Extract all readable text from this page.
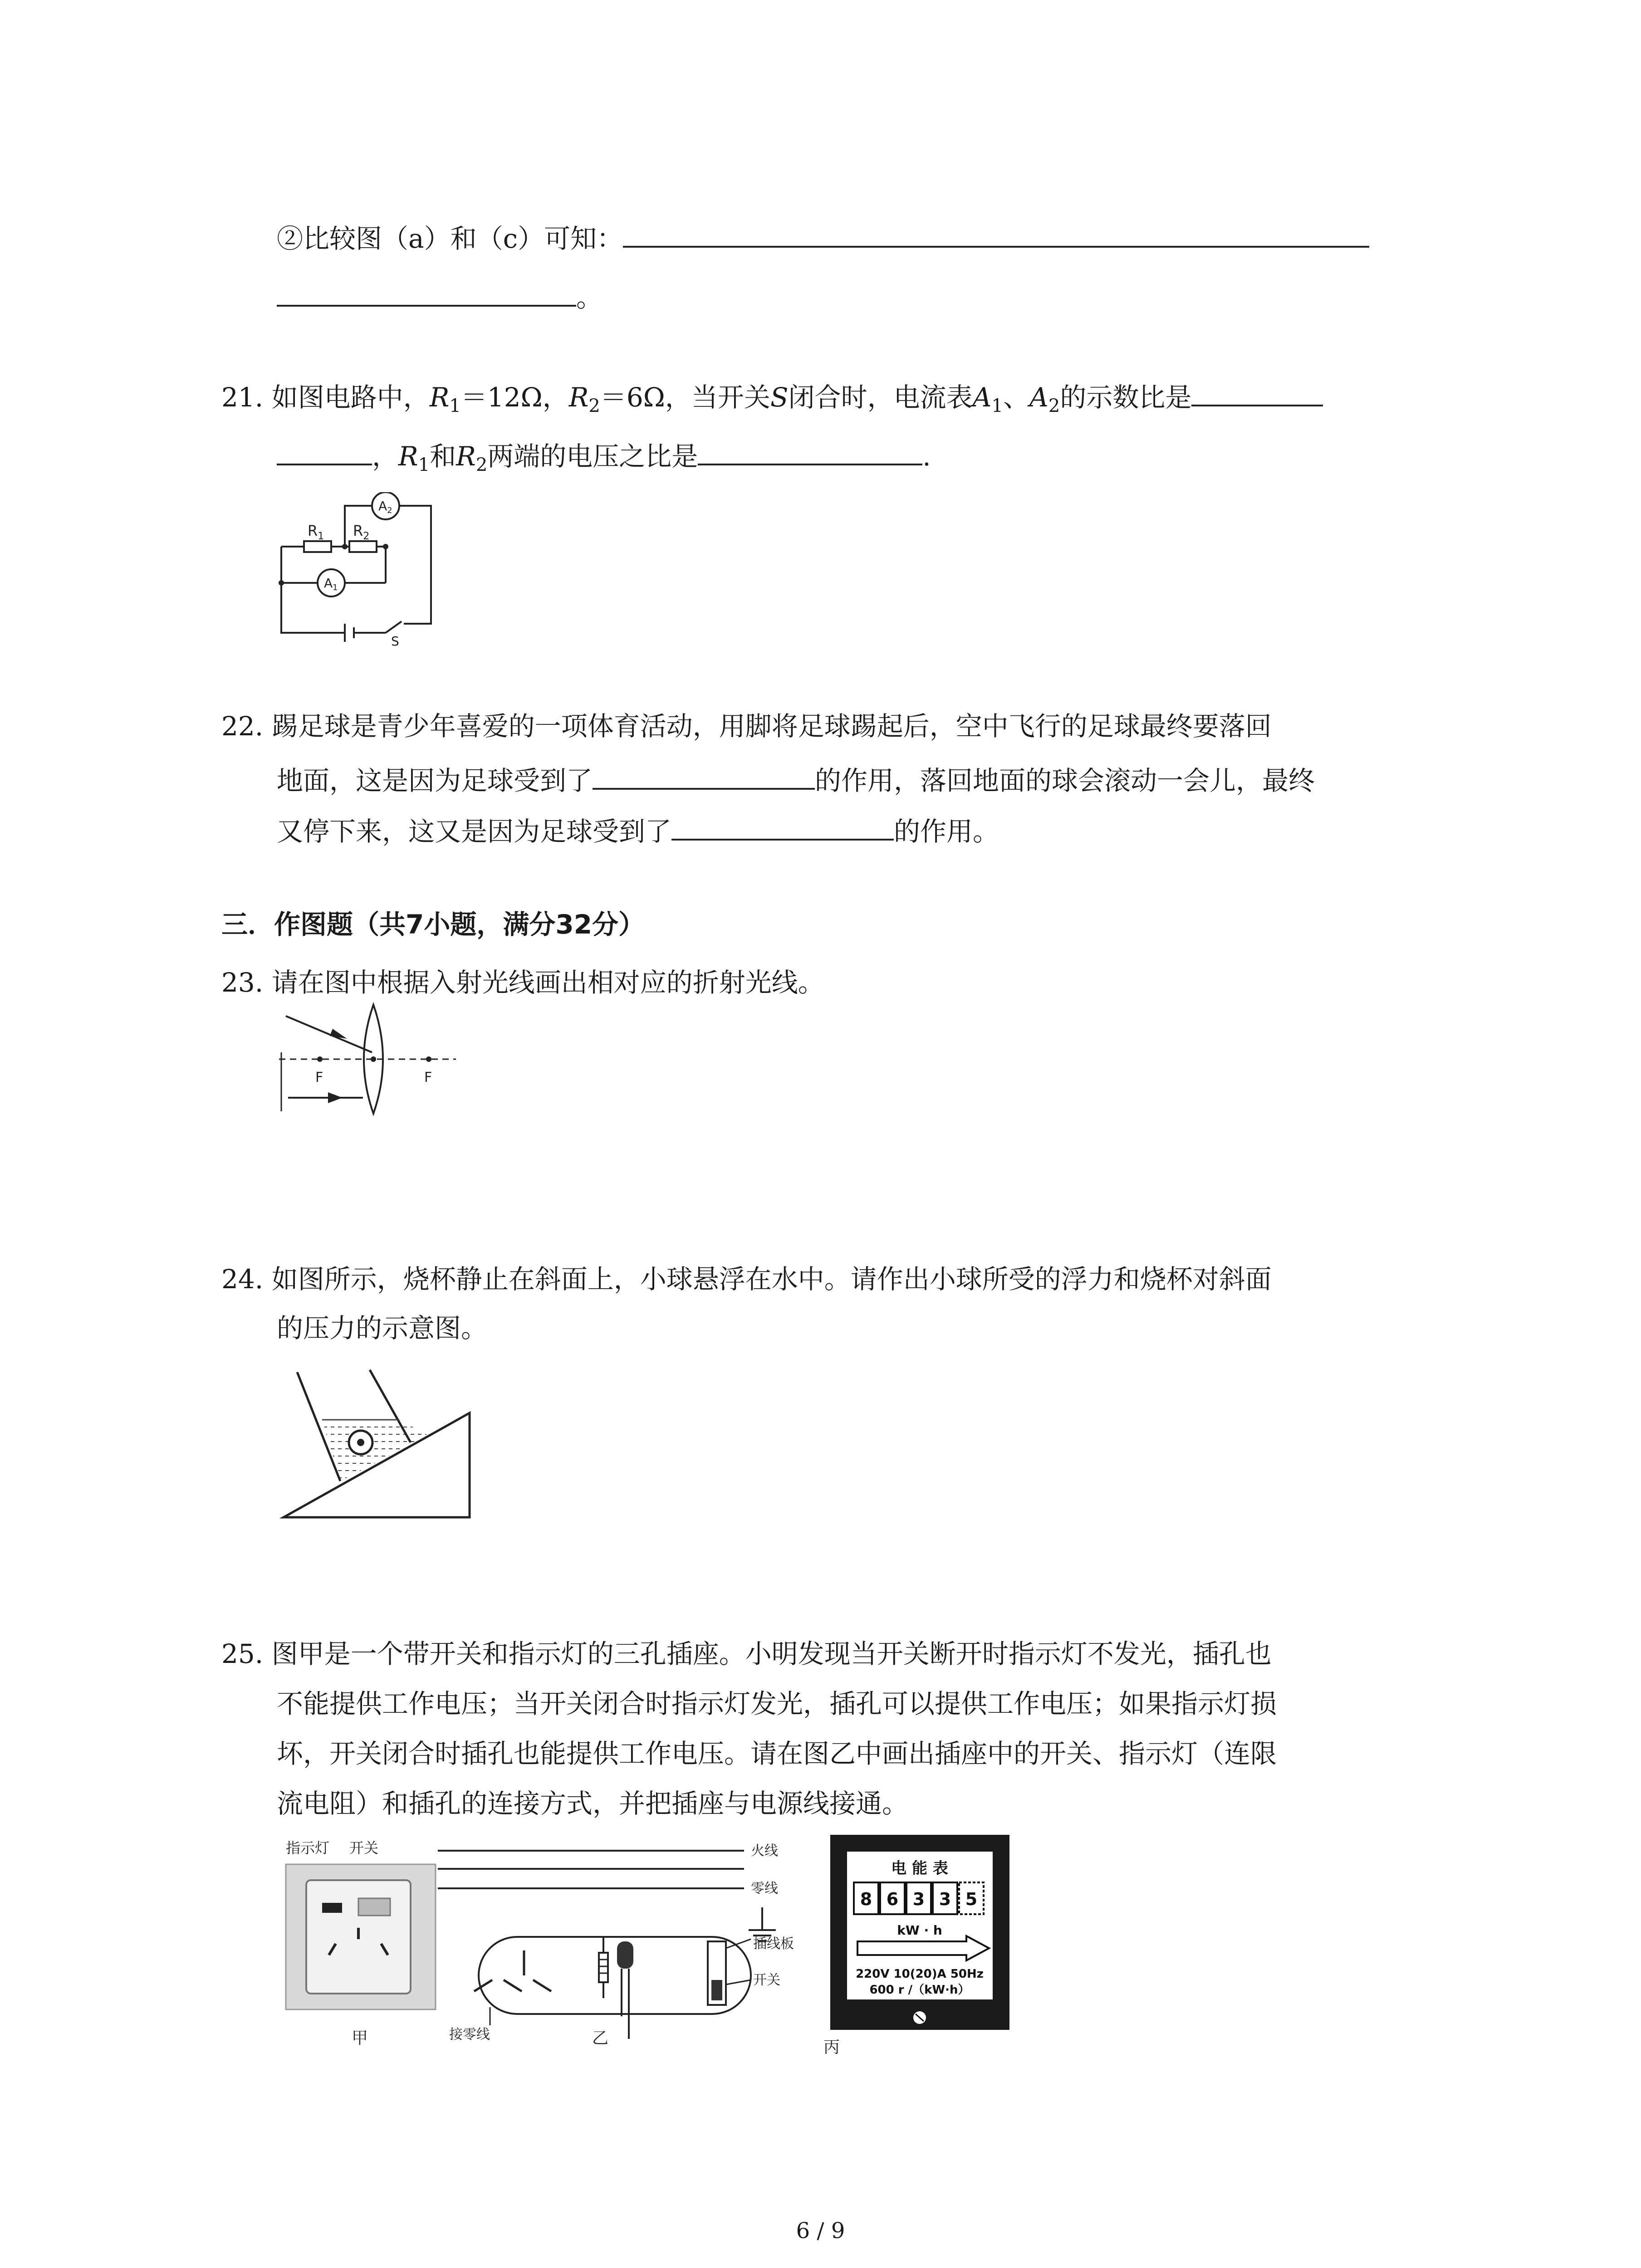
②比较图（a）和（c）可知：
。
21. 如图电路中，$R_1=12\Omega$，$R_2=6\Omega$，当开关S闭合时，电流表$A_1$、$A_2$的示数比是
，$R_1$和$R_2$两端的电压之比是	.
$R_1$ $R_2$
$A_1$
$A_2$
S
22. 踢足球是青少年喜爱的一项体育活动，用脚将足球踢起后，空中飞行的足球最终要落回
地面，这是因为足球受到了	的作用，落回地面的球会滚动一会儿，最终
又停下来，这又是因为足球受到了	的作用。
三．作图题（共7小题，满分32分）
23. 请在图中根据入射光线画出相对应的折射光线。
F	F
24. 如图所示，烧杯静止在斜面上，小球悬浮在水中。请作出小球所受的浮力和烧杯对斜面
的压力的示意图。
25. 图甲是一个带开关和指示灯的三孔插座。小明发现当开关断开时指示灯不发光，插孔也
不能提供工作电压；当开关闭合时指示灯发光，插孔可以提供工作电压；如果指示灯损
坏，开关闭合时插孔也能提供工作电压。请在图乙中画出插座中的开关、指示灯（连限
流电阻）和插孔的连接方式，并把插座与电源线接通。
指示灯 开关
甲
火线
零线
插线板
开关
接零线	乙
电 能 表
8 6 3 3 5
kW · h
220V 10(20)A 50Hz
600 r /（kW·h）
丙
6 / 9
